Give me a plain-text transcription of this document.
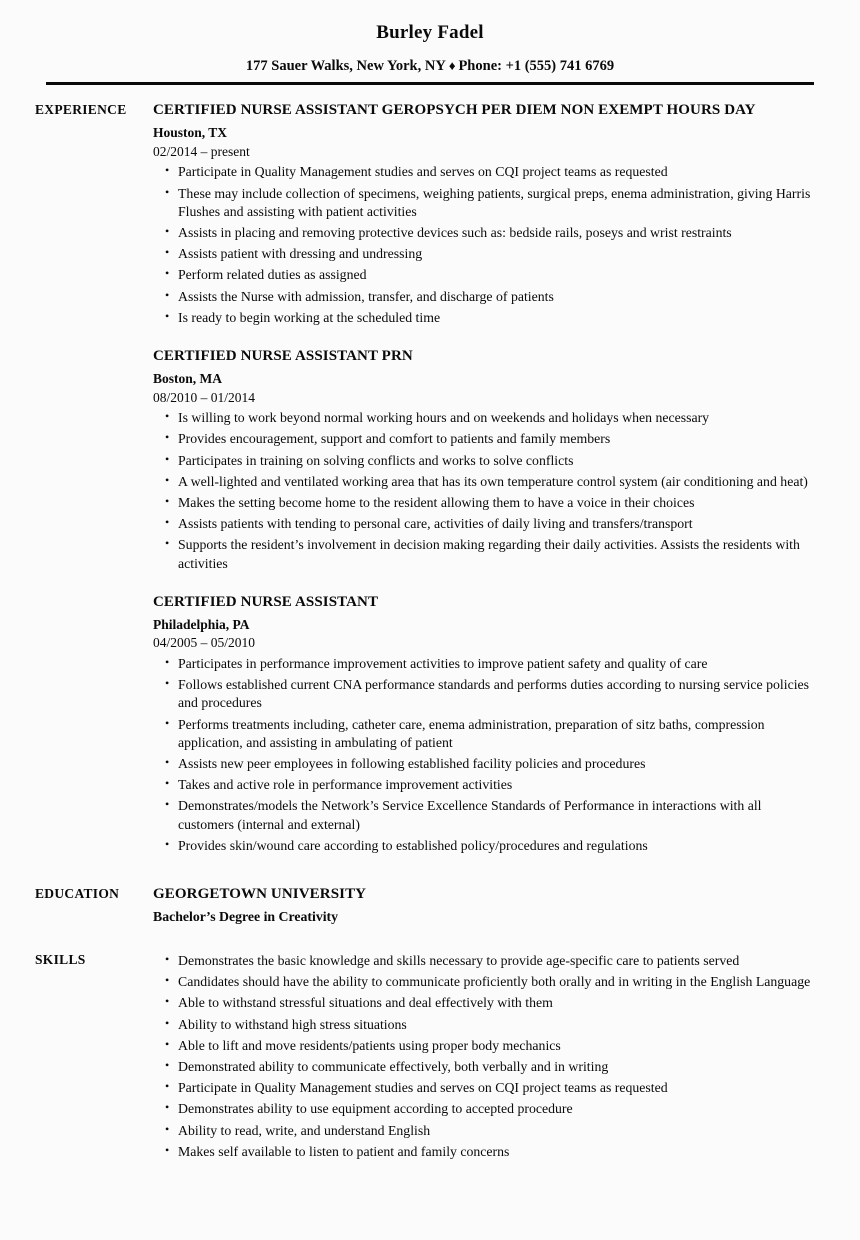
Burley Fadel
177 Sauer Walks, New York, NY ♦ Phone: +1 (555) 741 6769
EXPERIENCE	CERTIFIED NURSE ASSISTANT GEROPSYCH PER DIEM NON EXEMPT HOURS DAY
Houston, TX
02/2014 – present
• Participate in Quality Management studies and serves on CQI project teams as requested
• These may include collection of specimens, weighing patients, surgical preps, enema administration, giving Harris Flushes and assisting with patient activities
• Assists in placing and removing protective devices such as: bedside rails, poseys and wrist restraints
• Assists patient with dressing and undressing
• Perform related duties as assigned
• Assists the Nurse with admission, transfer, and discharge of patients
• Is ready to begin working at the scheduled time
CERTIFIED NURSE ASSISTANT PRN
Boston, MA
08/2010 – 01/2014
• Is willing to work beyond normal working hours and on weekends and holidays when necessary
• Provides encouragement, support and comfort to patients and family members
• Participates in training on solving conflicts and works to solve conflicts
• A well-lighted and ventilated working area that has its own temperature control system (air conditioning and heat)
• Makes the setting become home to the resident allowing them to have a voice in their choices
• Assists patients with tending to personal care, activities of daily living and transfers/transport
• Supports the resident’s involvement in decision making regarding their daily activities. Assists the residents with activities
CERTIFIED NURSE ASSISTANT
Philadelphia, PA
04/2005 – 05/2010
• Participates in performance improvement activities to improve patient safety and quality of care
• Follows established current CNA performance standards and performs duties according to nursing service policies and procedures
• Performs treatments including, catheter care, enema administration, preparation of sitz baths, compression application, and assisting in ambulating of patient
• Assists new peer employees in following established facility policies and procedures
• Takes and active role in performance improvement activities
• Demonstrates/models the Network’s Service Excellence Standards of Performance in interactions with all customers (internal and external)
• Provides skin/wound care according to established policy/procedures and regulations
EDUCATION	GEORGETOWN UNIVERSITY
Bachelor’s Degree in Creativity
SKILLS	• Demonstrates the basic knowledge and skills necessary to provide age-specific care to patients served
• Candidates should have the ability to communicate proficiently both orally and in writing in the English Language
• Able to withstand stressful situations and deal effectively with them
• Ability to withstand high stress situations
• Able to lift and move residents/patients using proper body mechanics
• Demonstrated ability to communicate effectively, both verbally and in writing
• Participate in Quality Management studies and serves on CQI project teams as requested
• Demonstrates ability to use equipment according to accepted procedure
• Ability to read, write, and understand English
• Makes self available to listen to patient and family concerns
